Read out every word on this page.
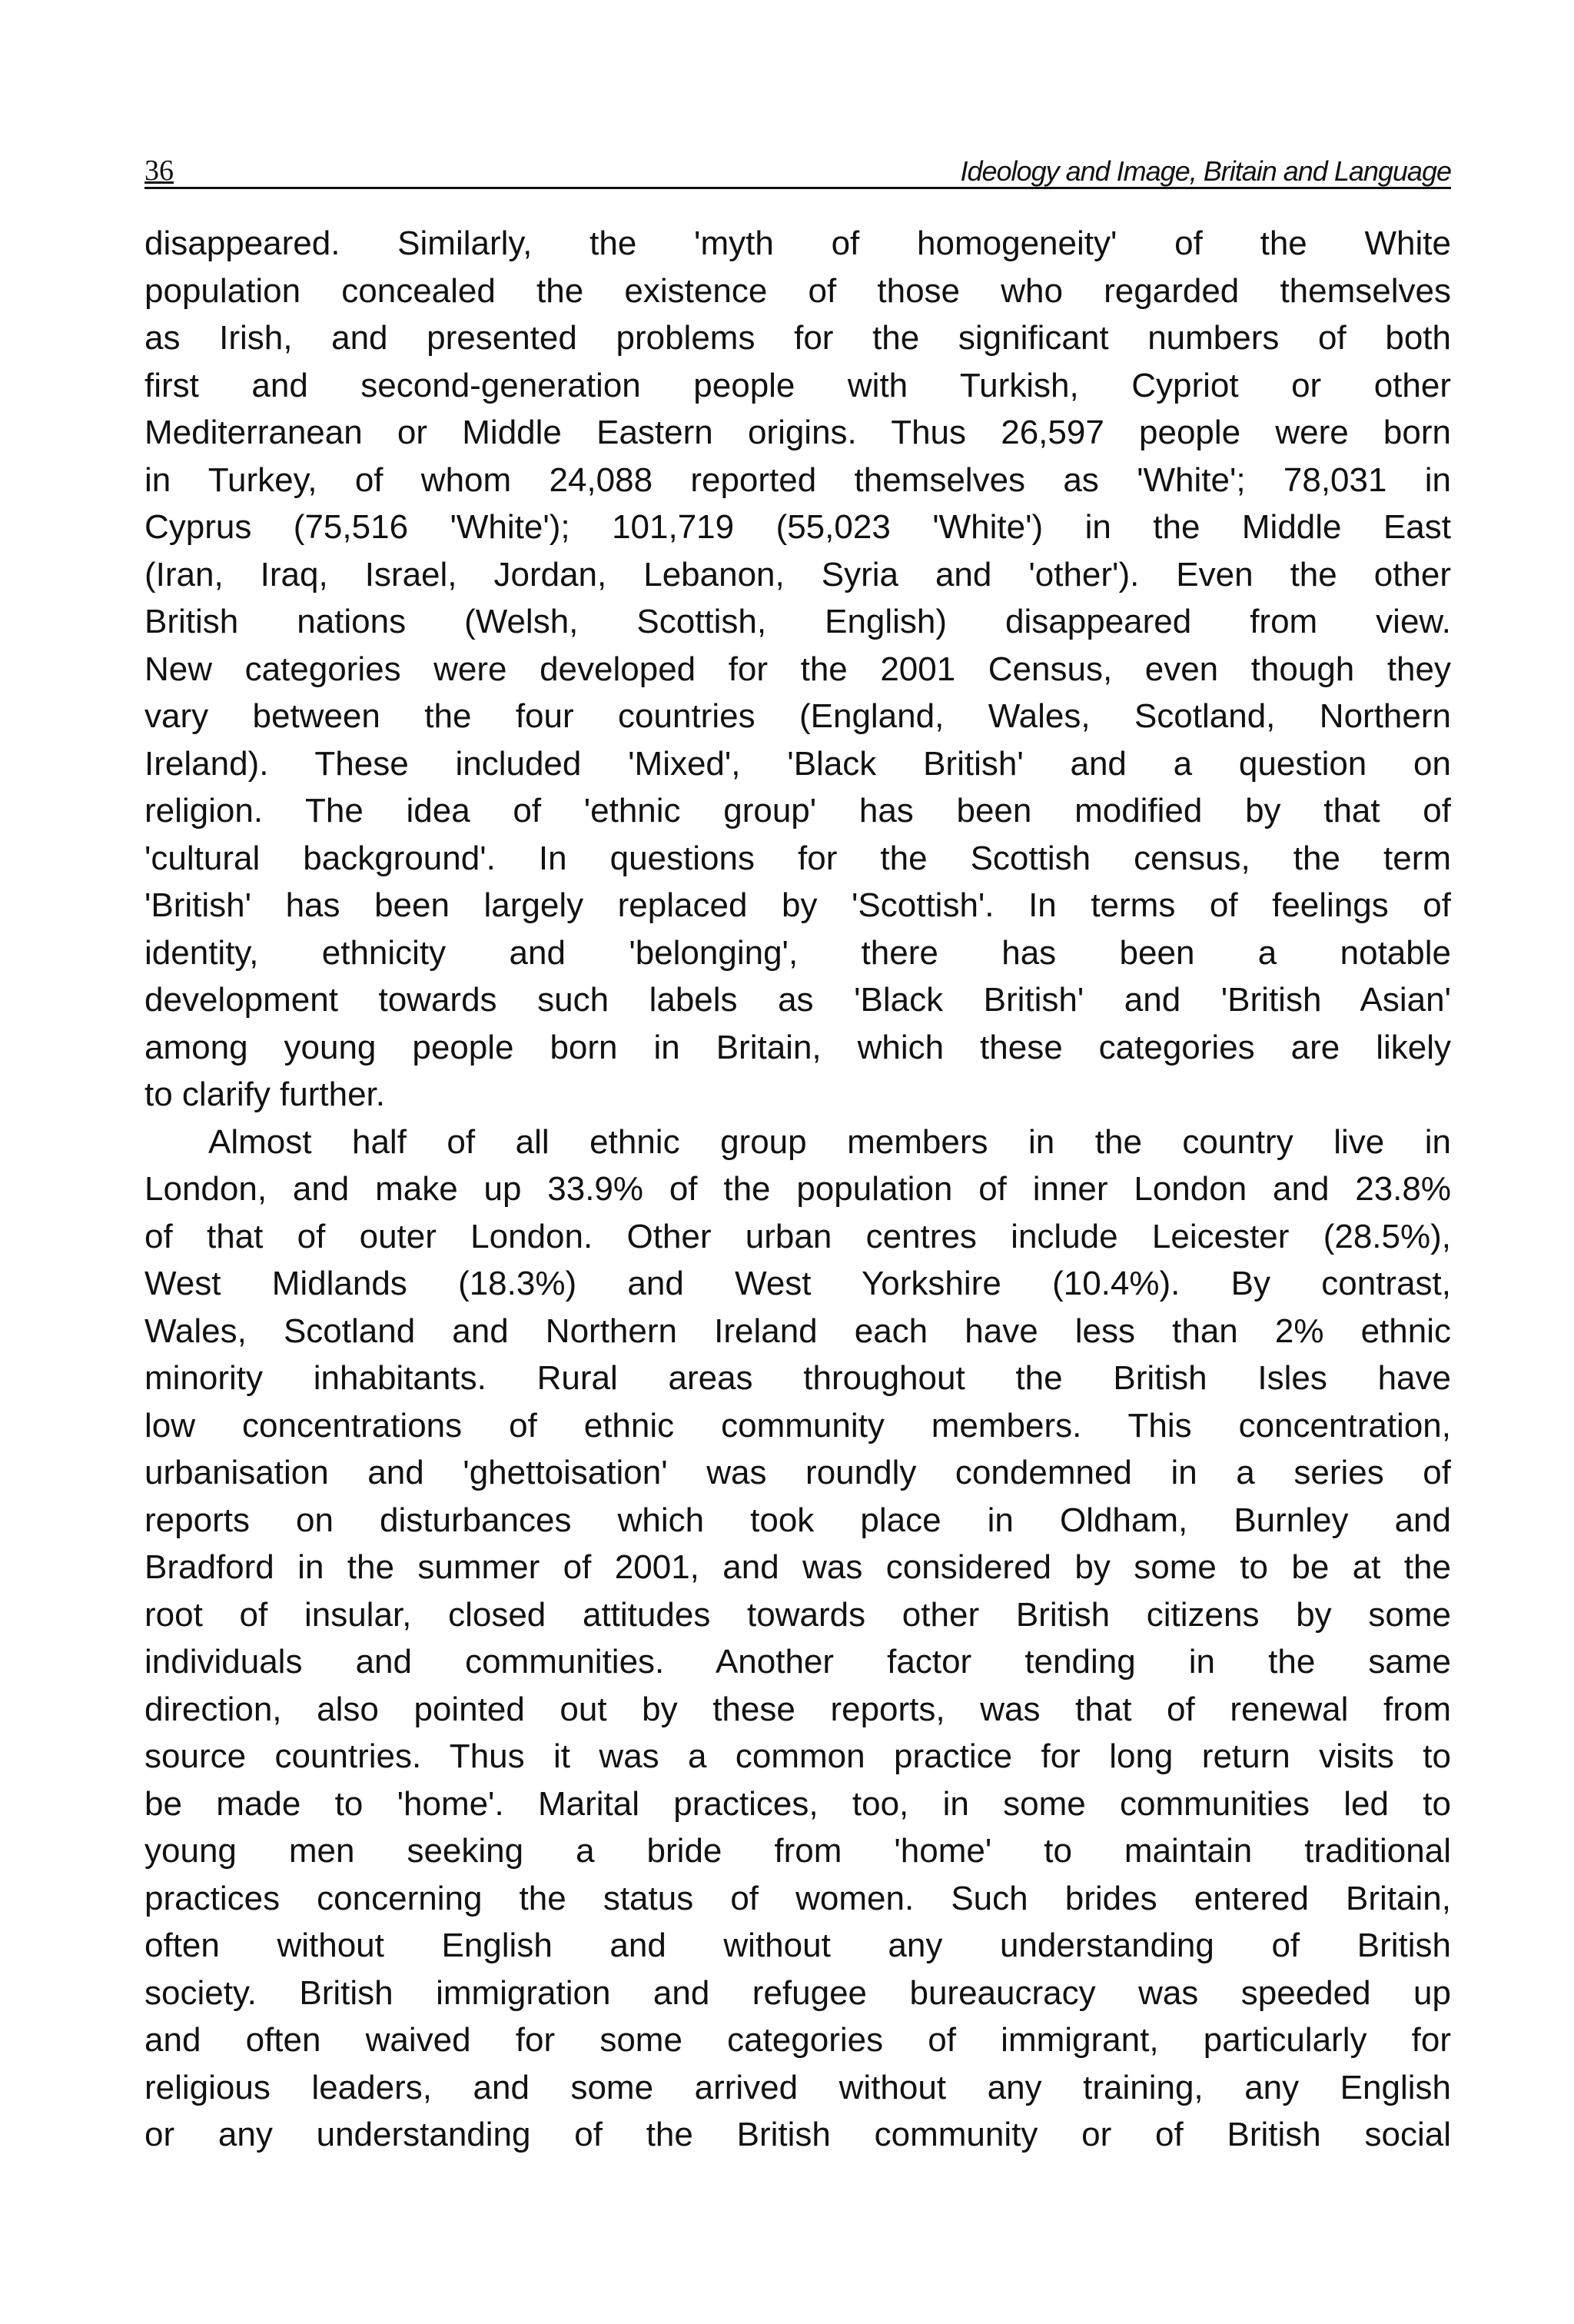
36	Ideology and Image, Britain and Language
disappeared. Similarly, the 'myth of homogeneity' of the White
population concealed the existence of those who regarded themselves
as Irish, and presented problems for the significant numbers of both
first and second-generation people with Turkish, Cypriot or other
Mediterranean or Middle Eastern origins. Thus 26,597 people were born
in Turkey, of whom 24,088 reported themselves as 'White'; 78,031 in
Cyprus (75,516 'White'); 101,719 (55,023 'White') in the Middle East
(Iran, Iraq, Israel, Jordan, Lebanon, Syria and 'other'). Even the other
British nations (Welsh, Scottish, English) disappeared from view.
New categories were developed for the 2001 Census, even though they
vary between the four countries (England, Wales, Scotland, Northern
Ireland). These included 'Mixed', 'Black British' and a question on
religion. The idea of 'ethnic group' has been modified by that of
'cultural background'. In questions for the Scottish census, the term
'British' has been largely replaced by 'Scottish'. In terms of feelings of
identity, ethnicity and 'belonging', there has been a notable
development towards such labels as 'Black British' and 'British Asian'
among young people born in Britain, which these categories are likely
to clarify further.
Almost half of all ethnic group members in the country live in
London, and make up 33.9% of the population of inner London and 23.8%
of that of outer London. Other urban centres include Leicester (28.5%),
West Midlands (18.3%) and West Yorkshire (10.4%). By contrast,
Wales, Scotland and Northern Ireland each have less than 2% ethnic
minority inhabitants. Rural areas throughout the British Isles have
low concentrations of ethnic community members. This concentration,
urbanisation and 'ghettoisation' was roundly condemned in a series of
reports on disturbances which took place in Oldham, Burnley and
Bradford in the summer of 2001, and was considered by some to be at the
root of insular, closed attitudes towards other British citizens by some
individuals and communities. Another factor tending in the same
direction, also pointed out by these reports, was that of renewal from
source countries. Thus it was a common practice for long return visits to
be made to 'home'. Marital practices, too, in some communities led to
young men seeking a bride from 'home' to maintain traditional
practices concerning the status of women. Such brides entered Britain,
often without English and without any understanding of British
society. British immigration and refugee bureaucracy was speeded up
and often waived for some categories of immigrant, particularly for
religious leaders, and some arrived without any training, any English
or any understanding of the British community or of British social
